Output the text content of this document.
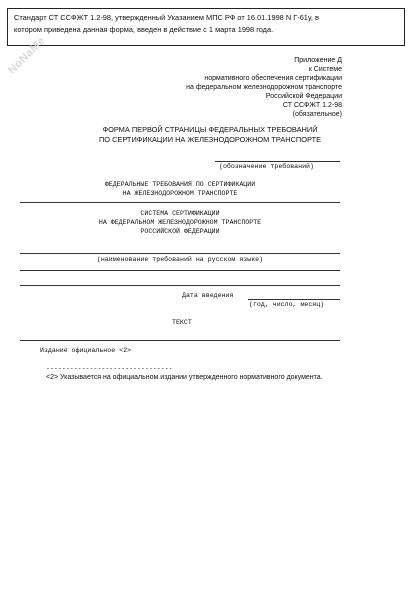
Стандарт СТ ССФЖТ 1.2-98, утвержденный Указанием МПС РФ от 16.01.1998 N Г-61у, в
котором приведена данная форма, введен в действие с 1 марта 1998 года.
NoNaMe	Приложение Д
к Системе
нормативного обеспечения сертификации
на федеральном железнодорожном транспорте
Российской Федерации
СТ ССФЖТ 1.2-98
(обязательное)
ФОРМА ПЕРВОЙ СТРАНИЦЫ ФЕДЕРАЛЬНЫХ ТРЕБОВАНИЙ
ПО СЕРТИФИКАЦИИ НА ЖЕЛЕЗНОДОРОЖНОМ ТРАНСПОРТЕ
(обозначение требований)
ФЕДЕРАЛЬНЫЕ ТРЕБОВАНИЯ ПО СЕРТИФИКАЦИИ
НА ЖЕЛЕЗНОДОРОЖНОМ ТРАНСПОРТЕ
СИСТЕМА СЕРТИФИКАЦИИ
НА ФЕДЕРАЛЬНОМ ЖЕЛЕЗНОДОРОЖНОМ ТРАНСПОРТЕ
РОССИЙСКОЙ ФЕДЕРАЦИИ
(наименование требований на русском языке)
Дата введения
(год, число, месяц)
ТЕКСТ
Издание официальное <2>
--------------------------------
<2> Указывается на официальном издании утвержденного нормативного документа.
